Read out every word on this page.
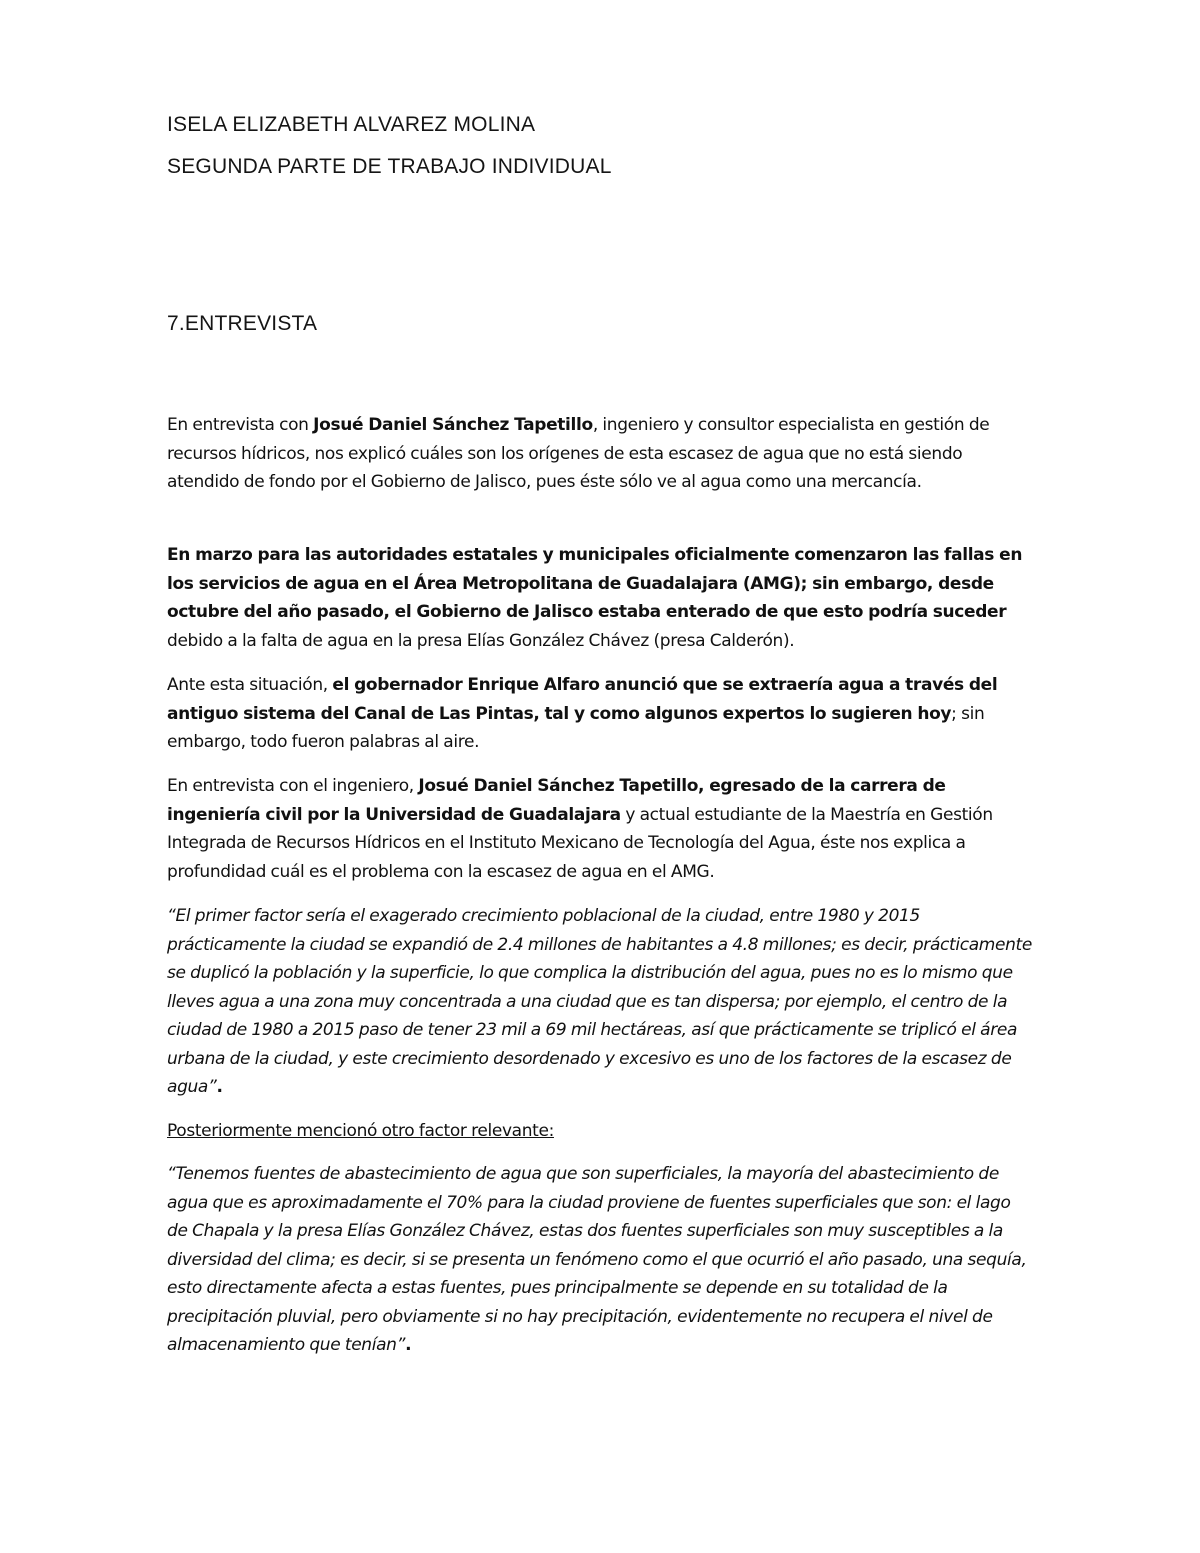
ISELA ELIZABETH ALVAREZ MOLINA
SEGUNDA PARTE DE TRABAJO INDIVIDUAL
7.ENTREVISTA

En entrevista con Josué Daniel Sánchez Tapetillo, ingeniero y consultor especialista en gestión de recursos hídricos, nos explicó cuáles son los orígenes de esta escasez de agua que no está siendo atendido de fondo por el Gobierno de Jalisco, pues éste sólo ve al agua como una mercancía.

En marzo para las autoridades estatales y municipales oficialmente comenzaron las fallas en los servicios de agua en el Área Metropolitana de Guadalajara (AMG); sin embargo, desde octubre del año pasado, el Gobierno de Jalisco estaba enterado de que esto podría suceder debido a la falta de agua en la presa Elías González Chávez (presa Calderón).

Ante esta situación, el gobernador Enrique Alfaro anunció que se extraería agua a través del antiguo sistema del Canal de Las Pintas, tal y como algunos expertos lo sugieren hoy; sin embargo, todo fueron palabras al aire.

En entrevista con el ingeniero, Josué Daniel Sánchez Tapetillo, egresado de la carrera de ingeniería civil por la Universidad de Guadalajara y actual estudiante de la Maestría en Gestión Integrada de Recursos Hídricos en el Instituto Mexicano de Tecnología del Agua, éste nos explica a profundidad cuál es el problema con la escasez de agua en el AMG.

“El primer factor sería el exagerado crecimiento poblacional de la ciudad, entre 1980 y 2015 prácticamente la ciudad se expandió de 2.4 millones de habitantes a 4.8 millones; es decir, prácticamente se duplicó la población y la superficie, lo que complica la distribución del agua, pues no es lo mismo que lleves agua a una zona muy concentrada a una ciudad que es tan dispersa; por ejemplo, el centro de la ciudad de 1980 a 2015 paso de tener 23 mil a 69 mil hectáreas, así que prácticamente se triplicó el área urbana de la ciudad, y este crecimiento desordenado y excesivo es uno de los factores de la escasez de agua”.

Posteriormente mencionó otro factor relevante:

“Tenemos fuentes de abastecimiento de agua que son superficiales, la mayoría del abastecimiento de agua que es aproximadamente el 70% para la ciudad proviene de fuentes superficiales que son: el lago de Chapala y la presa Elías González Chávez, estas dos fuentes superficiales son muy susceptibles a la diversidad del clima; es decir, si se presenta un fenómeno como el que ocurrió el año pasado, una sequía, esto directamente afecta a estas fuentes, pues principalmente se depende en su totalidad de la precipitación pluvial, pero obviamente si no hay precipitación, evidentemente no recupera el nivel de almacenamiento que tenían”.
